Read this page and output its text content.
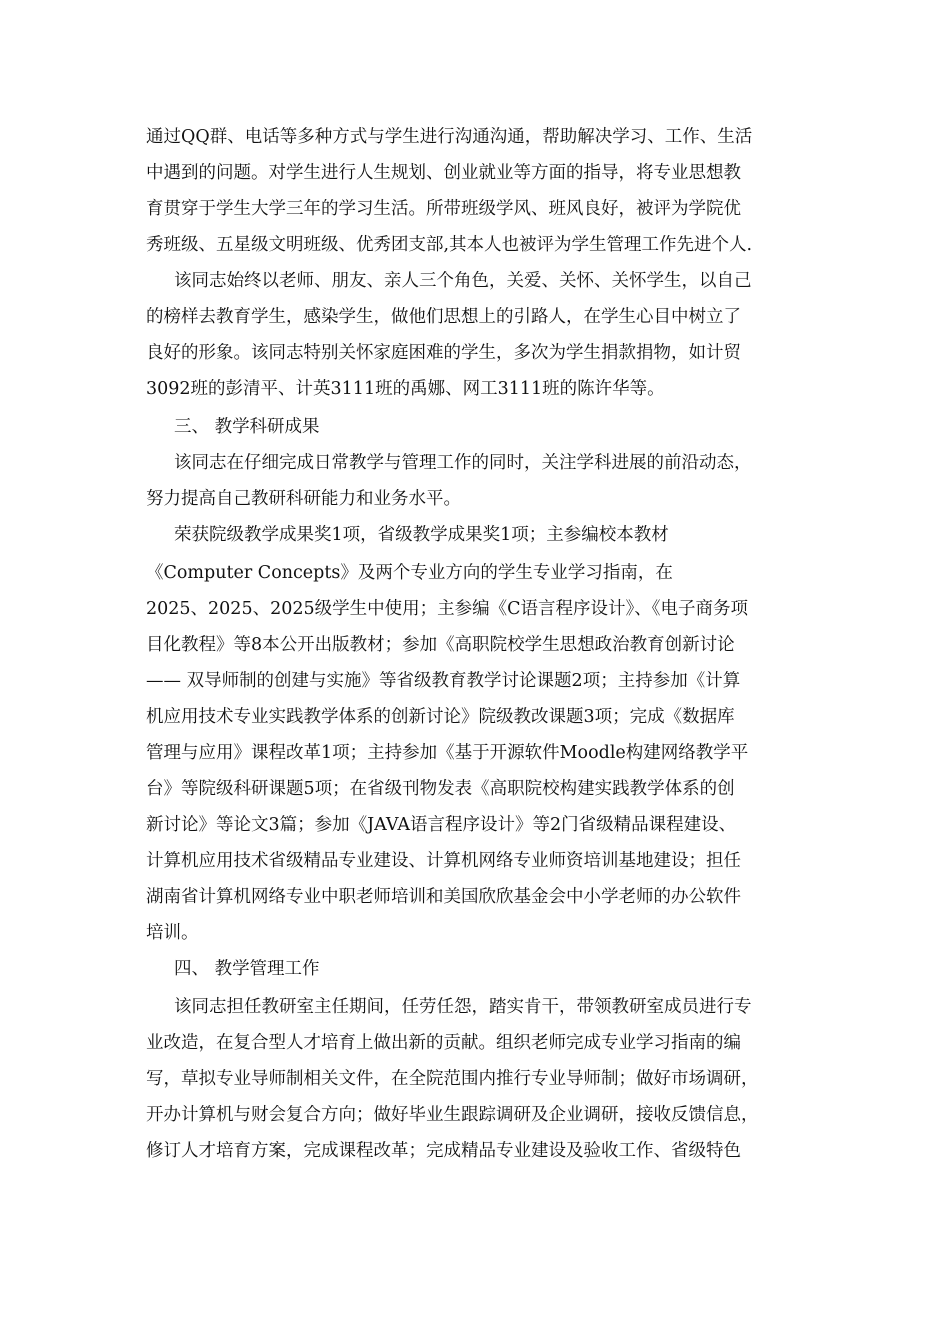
通过QQ群、电话等多种方式与学生进行沟通沟通，帮助解决学习、工作、生活
中遇到的问题。对学生进行人生规划、创业就业等方面的指导，将专业思想教
育贯穿于学生大学三年的学习生活。所带班级学风、班风良好，被评为学院优
秀班级、五星级文明班级、优秀团支部,其本人也被评为学生管理工作先进个人.
该同志始终以老师、朋友、亲人三个角色，关爱、关怀、关怀学生，以自己
的榜样去教育学生，感染学生，做他们思想上的引路人，在学生心目中树立了
良好的形象。该同志特别关怀家庭困难的学生，多次为学生捐款捐物，如计贸
3092班的彭清平、计英3111班的禹娜、网工3111班的陈许华等。
三、 教学科研成果
该同志在仔细完成日常教学与管理工作的同时，关注学科进展的前沿动态，
努力提高自己教研科研能力和业务水平。
荣获院级教学成果奖1项，省级教学成果奖1项；主参编校本教材
《Computer Concepts》及两个专业方向的学生专业学习指南，在
2025、2025、2025级学生中使用；主参编《C语言程序设计》、《电子商务项
目化教程》等8本公开出版教材；参加《高职院校学生思想政治教育创新讨论
—— 双导师制的创建与实施》等省级教育教学讨论课题2项；主持参加《计算
机应用技术专业实践教学体系的创新讨论》院级教改课题3项；完成《数据库
管理与应用》课程改革1项；主持参加《基于开源软件Moodle构建网络教学平
台》等院级科研课题5项；在省级刊物发表《高职院校构建实践教学体系的创
新讨论》等论文3篇；参加《JAVA语言程序设计》等2门省级精品课程建设、
计算机应用技术省级精品专业建设、计算机网络专业师资培训基地建设；担任
湖南省计算机网络专业中职老师培训和美国欣欣基金会中小学老师的办公软件
培训。
四、 教学管理工作
该同志担任教研室主任期间，任劳任怨，踏实肯干，带领教研室成员进行专
业改造，在复合型人才培育上做出新的贡献。组织老师完成专业学习指南的编
写，草拟专业导师制相关文件，在全院范围内推行专业导师制；做好市场调研，
开办计算机与财会复合方向；做好毕业生跟踪调研及企业调研，接收反馈信息，
修订人才培育方案，完成课程改革；完成精品专业建设及验收工作、省级特色
